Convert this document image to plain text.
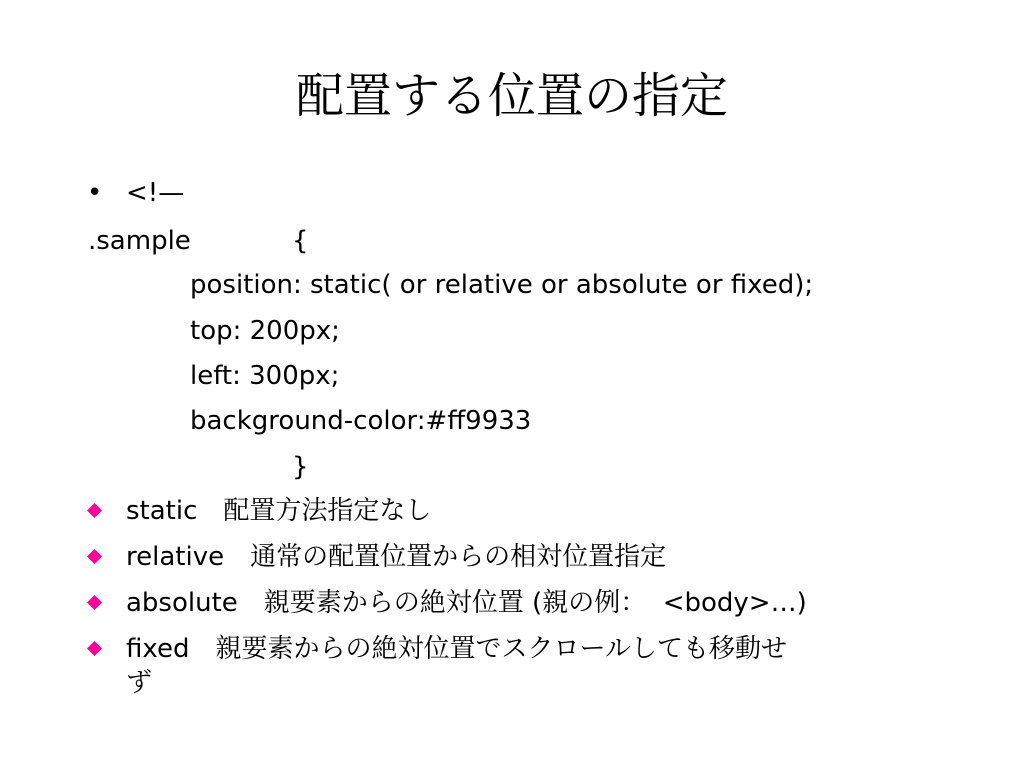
配置する位置の指定
• <!—
.sample	{
position: static( or relative or absolute or fixed);
top: 200px;
left: 300px;
background-color:#ff9933
}
static　配置方法指定なし
relative　通常の配置位置からの相対位置指定
absolute　親要素からの絶対位置 (親の例：  <body>…)
fixed　親要素からの絶対位置でスクロールしても移動せ
ず
